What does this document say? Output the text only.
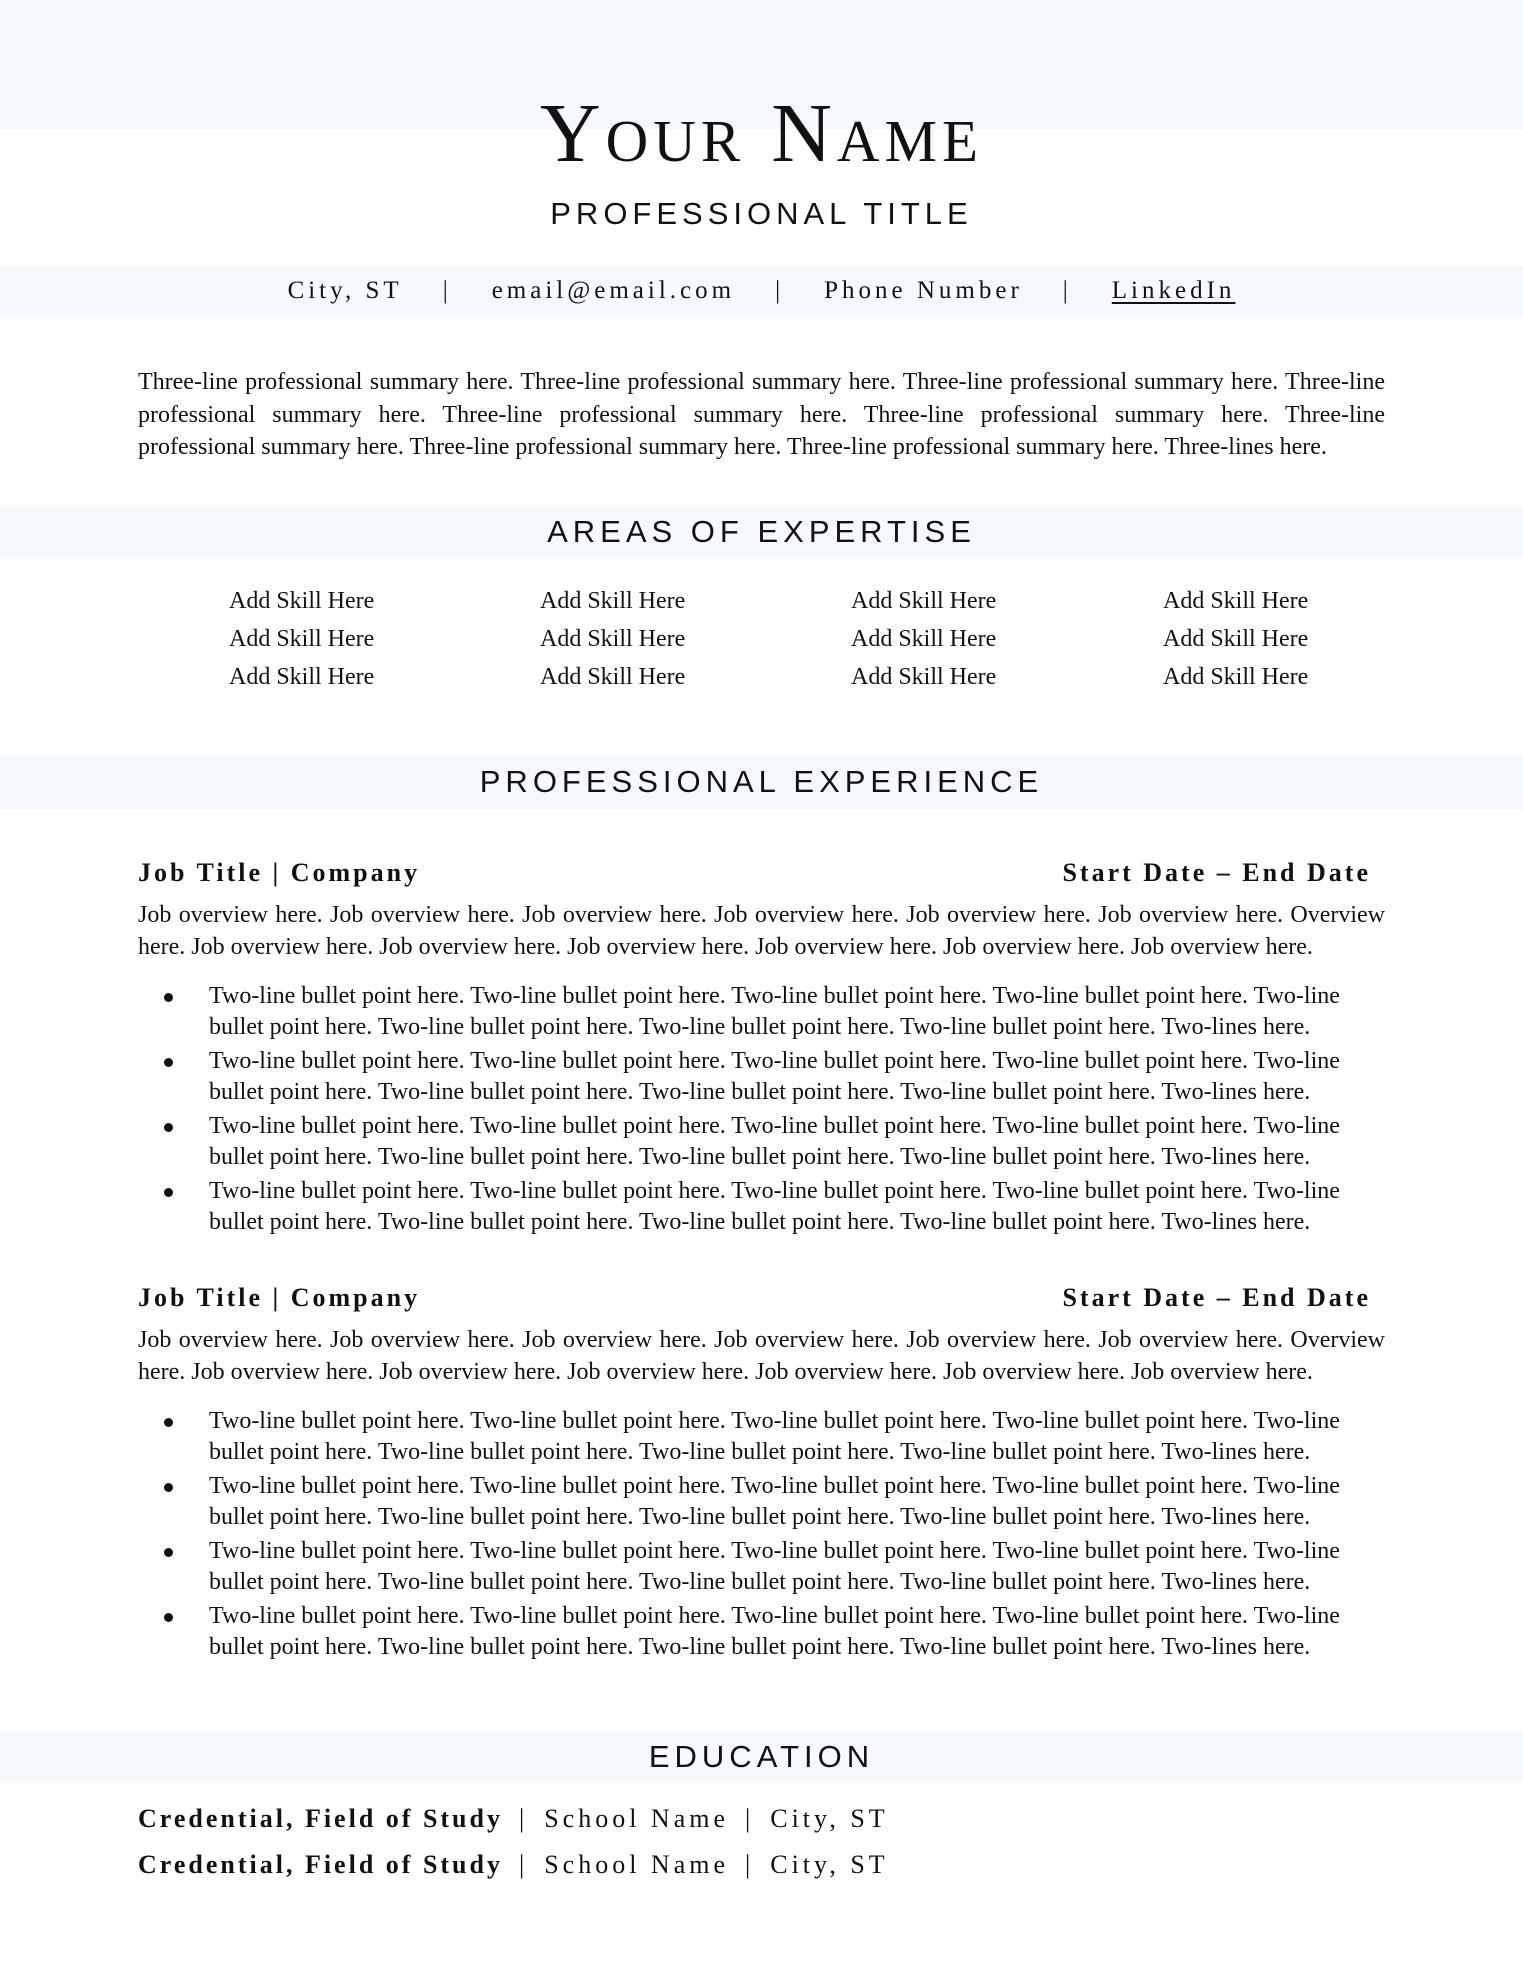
Your Name
PROFESSIONAL TITLE
City, ST | email@email.com | Phone Number | LinkedIn
Three-line professional summary here. Three-line professional summary here. Three-line professional summary here. Three-line professional summary here. Three-line professional summary here. Three-line professional summary here. Three-line professional summary here. Three-line professional summary here. Three-line professional summary here. Three-lines here.
AREAS OF EXPERTISE
Add Skill Here
Add Skill Here
Add Skill Here
Add Skill Here
Add Skill Here
Add Skill Here
Add Skill Here
Add Skill Here
Add Skill Here
Add Skill Here
Add Skill Here
Add Skill Here
PROFESSIONAL EXPERIENCE
Job Title | Company	Start Date – End Date
Job overview here. Job overview here. Job overview here. Job overview here. Job overview here. Job overview here. Overview here. Job overview here. Job overview here. Job overview here. Job overview here. Job overview here. Job overview here.
Two-line bullet point here. Two-line bullet point here. Two-line bullet point here. Two-line bullet point here. Two-line bullet point here. Two-line bullet point here. Two-line bullet point here. Two-line bullet point here. Two-lines here.
Two-line bullet point here. Two-line bullet point here. Two-line bullet point here. Two-line bullet point here. Two-line bullet point here. Two-line bullet point here. Two-line bullet point here. Two-line bullet point here. Two-lines here.
Two-line bullet point here. Two-line bullet point here. Two-line bullet point here. Two-line bullet point here. Two-line bullet point here. Two-line bullet point here. Two-line bullet point here. Two-line bullet point here. Two-lines here.
Two-line bullet point here. Two-line bullet point here. Two-line bullet point here. Two-line bullet point here. Two-line bullet point here. Two-line bullet point here. Two-line bullet point here. Two-line bullet point here. Two-lines here.
Job Title | Company	Start Date – End Date
Job overview here. Job overview here. Job overview here. Job overview here. Job overview here. Job overview here. Overview here. Job overview here. Job overview here. Job overview here. Job overview here. Job overview here. Job overview here.
Two-line bullet point here. Two-line bullet point here. Two-line bullet point here. Two-line bullet point here. Two-line bullet point here. Two-line bullet point here. Two-line bullet point here. Two-line bullet point here. Two-lines here.
Two-line bullet point here. Two-line bullet point here. Two-line bullet point here. Two-line bullet point here. Two-line bullet point here. Two-line bullet point here. Two-line bullet point here. Two-line bullet point here. Two-lines here.
Two-line bullet point here. Two-line bullet point here. Two-line bullet point here. Two-line bullet point here. Two-line bullet point here. Two-line bullet point here. Two-line bullet point here. Two-line bullet point here. Two-lines here.
Two-line bullet point here. Two-line bullet point here. Two-line bullet point here. Two-line bullet point here. Two-line bullet point here. Two-line bullet point here. Two-line bullet point here. Two-line bullet point here. Two-lines here.
EDUCATION
Credential, Field of Study | School Name | City, ST
Credential, Field of Study | School Name | City, ST
